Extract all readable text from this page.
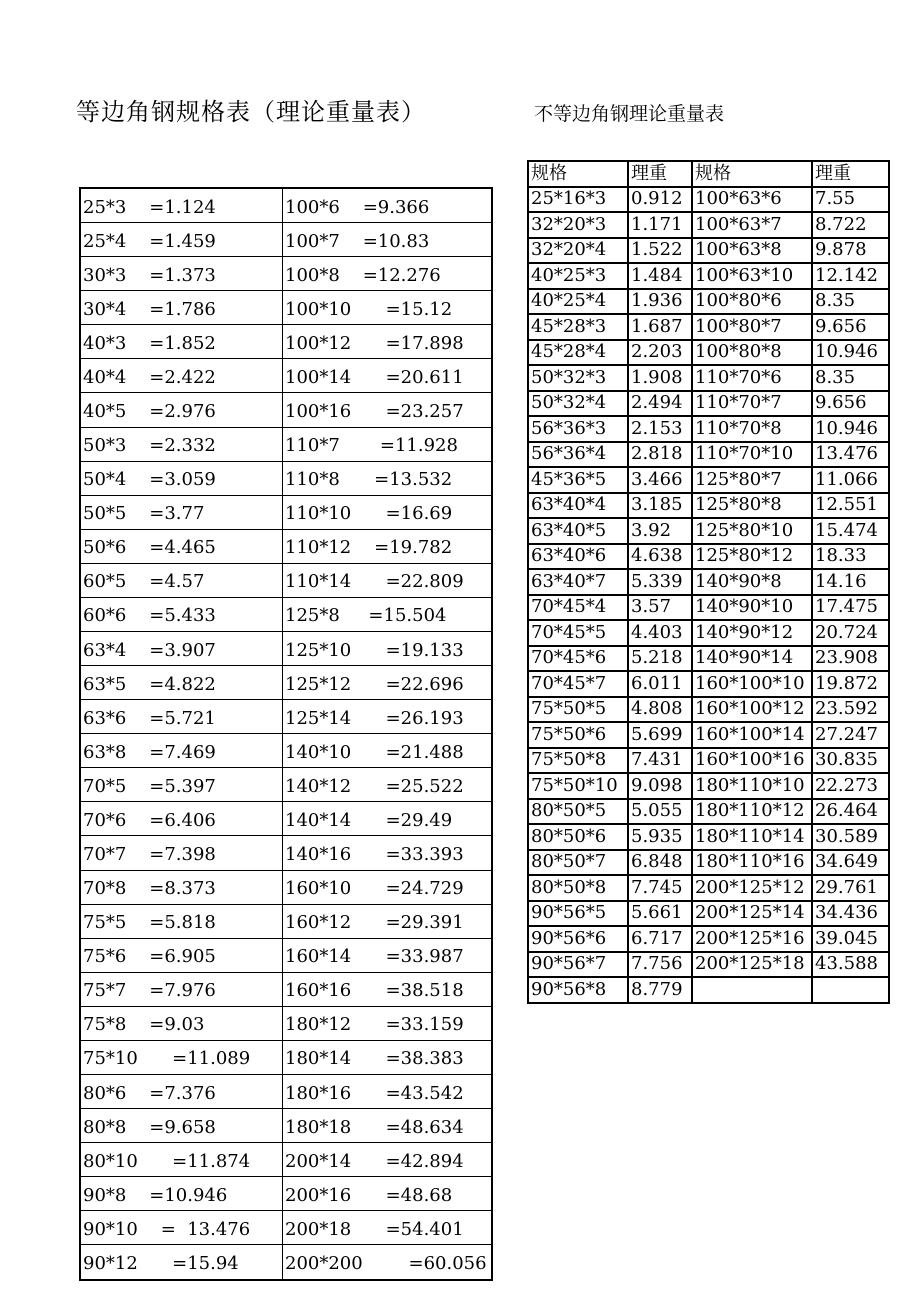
等边角钢规格表（理论重量表）	不等边角钢理论重量表
25*3    =1.124	100*6    =9.366
25*4    =1.459	100*7    =10.83
30*3    =1.373	100*8    =12.276
30*4    =1.786	100*10      =15.12
40*3    =1.852	100*12      =17.898
40*4    =2.422	100*14      =20.611
40*5    =2.976	100*16      =23.257
50*3    =2.332	110*7       =11.928
50*4    =3.059	110*8      =13.532
50*5    =3.77	110*10      =16.69
50*6    =4.465	110*12    =19.782
60*5    =4.57	110*14      =22.809
60*6    =5.433	125*8     =15.504
63*4    =3.907	125*10      =19.133
63*5    =4.822	125*12      =22.696
63*6    =5.721	125*14      =26.193
63*8    =7.469	140*10      =21.488
70*5    =5.397	140*12      =25.522
70*6    =6.406	140*14      =29.49
70*7    =7.398	140*16      =33.393
70*8    =8.373	160*10      =24.729
75*5    =5.818	160*12      =29.391
75*6    =6.905	160*14      =33.987
75*7    =7.976	160*16      =38.518
75*8    =9.03	180*12      =33.159
75*10      =11.089	180*14      =38.383
80*6    =7.376	180*16      =43.542
80*8    =9.658	180*18      =48.634
80*10      =11.874	200*14      =42.894
90*8    =10.946	200*16      =48.68
90*10    =  13.476	200*18      =54.401
90*12      =15.94	200*200        =60.056
规格	理重	规格	理重
25*16*3	0.912	100*63*6	7.55
32*20*3	1.171	100*63*7	8.722
32*20*4	1.522	100*63*8	9.878
40*25*3	1.484	100*63*10	12.142
40*25*4	1.936	100*80*6	8.35
45*28*3	1.687	100*80*7	9.656
45*28*4	2.203	100*80*8	10.946
50*32*3	1.908	110*70*6	8.35
50*32*4	2.494	110*70*7	9.656
56*36*3	2.153	110*70*8	10.946
56*36*4	2.818	110*70*10	13.476
45*36*5	3.466	125*80*7	11.066
63*40*4	3.185	125*80*8	12.551
63*40*5	3.92	125*80*10	15.474
63*40*6	4.638	125*80*12	18.33
63*40*7	5.339	140*90*8	14.16
70*45*4	3.57	140*90*10	17.475
70*45*5	4.403	140*90*12	20.724
70*45*6	5.218	140*90*14	23.908
70*45*7	6.011	160*100*10	19.872
75*50*5	4.808	160*100*12	23.592
75*50*6	5.699	160*100*14	27.247
75*50*8	7.431	160*100*16	30.835
75*50*10	9.098	180*110*10	22.273
80*50*5	5.055	180*110*12	26.464
80*50*6	5.935	180*110*14	30.589
80*50*7	6.848	180*110*16	34.649
80*50*8	7.745	200*125*12	29.761
90*56*5	5.661	200*125*14	34.436
90*56*6	6.717	200*125*16	39.045
90*56*7	7.756	200*125*18	43.588
90*56*8	8.779		
